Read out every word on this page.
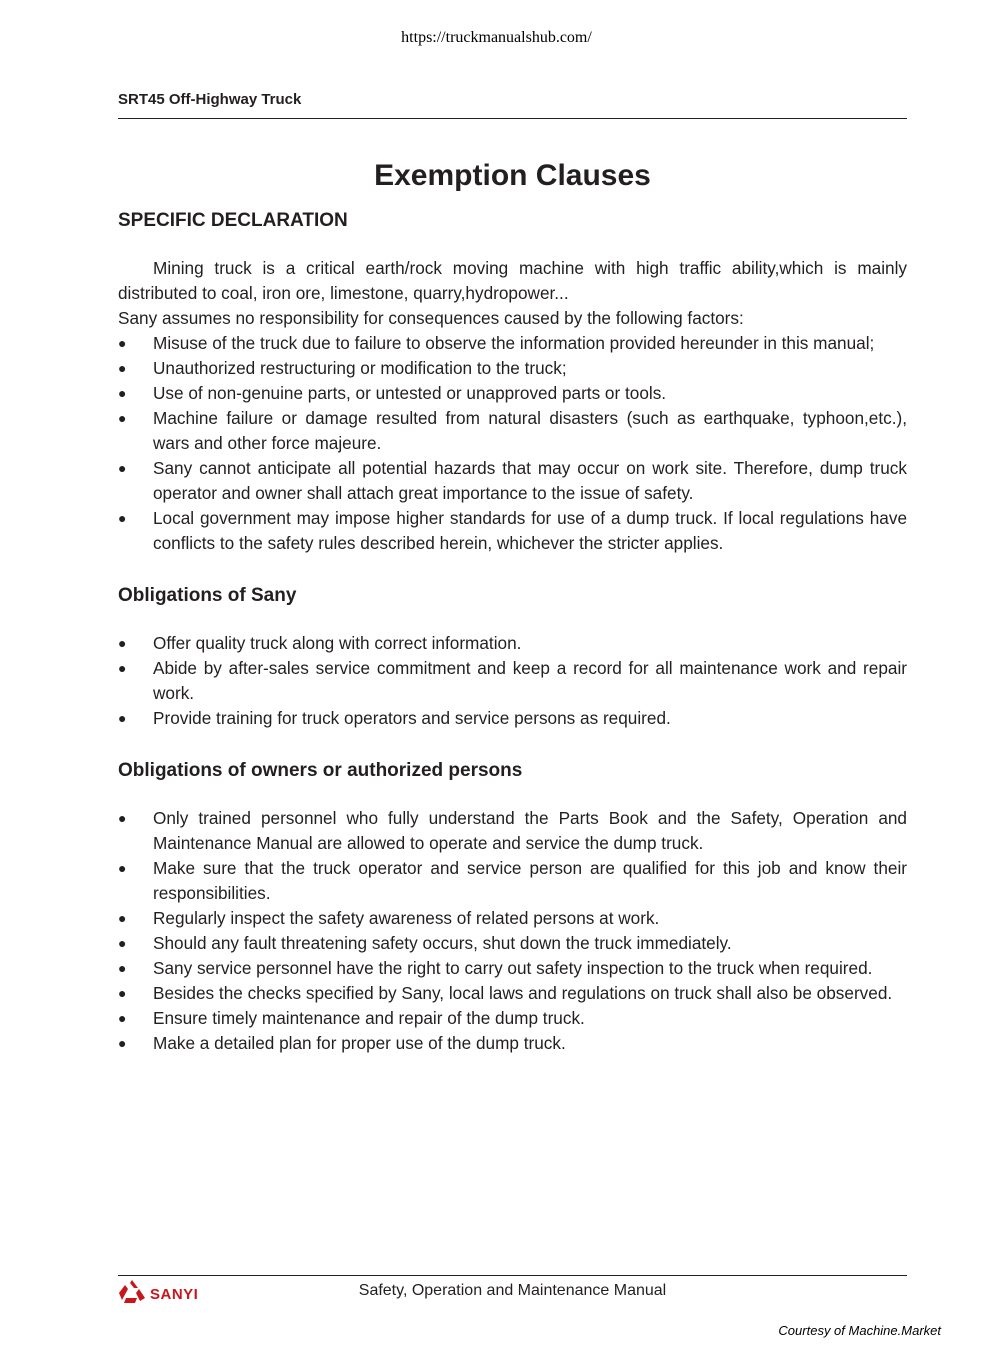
https://truckmanualshub.com/
SRT45 Off-Highway Truck
Exemption Clauses
SPECIFIC DECLARATION

Mining truck is a critical earth/rock moving machine with high traffic ability,which is mainly distributed to coal, iron ore, limestone, quarry,hydropower...

Sany assumes no responsibility for consequences caused by the following factors:

● Misuse of the truck due to failure to observe the information provided hereunder in this manual;
● Unauthorized restructuring or modification to the truck;
● Use of non-genuine parts, or untested or unapproved parts or tools.
● Machine failure or damage resulted from natural disasters (such as earthquake, typhoon,etc.), wars and other force majeure.
● Sany cannot anticipate all potential hazards that may occur on work site. Therefore, dump truck operator and owner shall attach great importance to the issue of safety.
● Local government may impose higher standards for use of a dump truck. If local regulations have conflicts to the safety rules described herein, whichever the stricter applies.
Obligations of Sany
● Offer quality truck along with correct information.
● Abide by after-sales service commitment and keep a record for all maintenance work and repair work.
● Provide training for truck operators and service persons as required.
Obligations of owners or authorized persons
● Only trained personnel who fully understand the Parts Book and the Safety, Operation and Maintenance Manual are allowed to operate and service the dump truck.
● Make sure that the truck operator and service person are qualified for this job and know their responsibilities.
● Regularly inspect the safety awareness of related persons at work.
● Should any fault threatening safety occurs, shut down the truck immediately.
● Sany service personnel have the right to carry out safety inspection to the truck when required.
● Besides the checks specified by Sany, local laws and regulations on truck shall also be observed.
● Ensure timely maintenance and repair of the dump truck.
● Make a detailed plan for proper use of the dump truck.
SANYI	Safety, Operation and Maintenance Manual
Courtesy of Machine.Market
